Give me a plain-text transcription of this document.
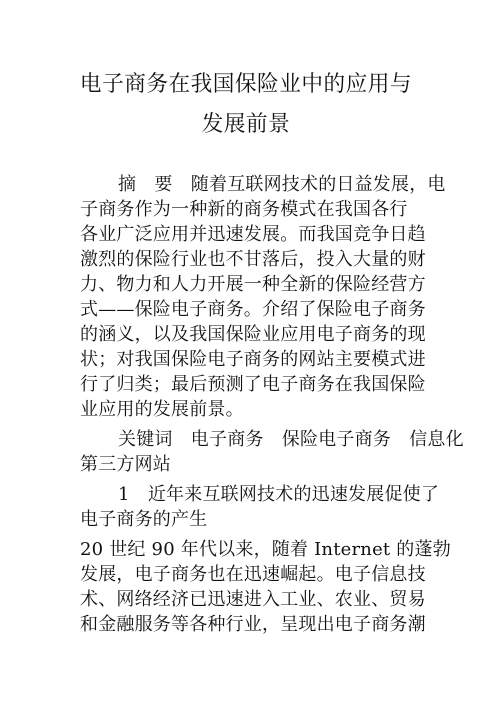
电子商务在我国保险业中的应用与
发展前景
摘　要　随着互联网技术的日益发展，电
子商务作为一种新的商务模式在我国各行
各业广泛应用并迅速发展。而我国竞争日趋
激烈的保险行业也不甘落后，投入大量的财
力、物力和人力开展一种全新的保险经营方
式——保险电子商务。介绍了保险电子商务
的涵义，以及我国保险业应用电子商务的现
状；对我国保险电子商务的网站主要模式进
行了归类；最后预测了电子商务在我国保险
业应用的发展前景。
关键词　电子商务　保险电子商务　信息化
第三方网站
1　近年来互联网技术的迅速发展促使了
电子商务的产生
20 世纪 90 年代以来，随着 Internet 的蓬勃
发展，电子商务也在迅速崛起。电子信息技
术、网络经济已迅速进入工业、农业、贸易
和金融服务等各种行业，呈现出电子商务潮
